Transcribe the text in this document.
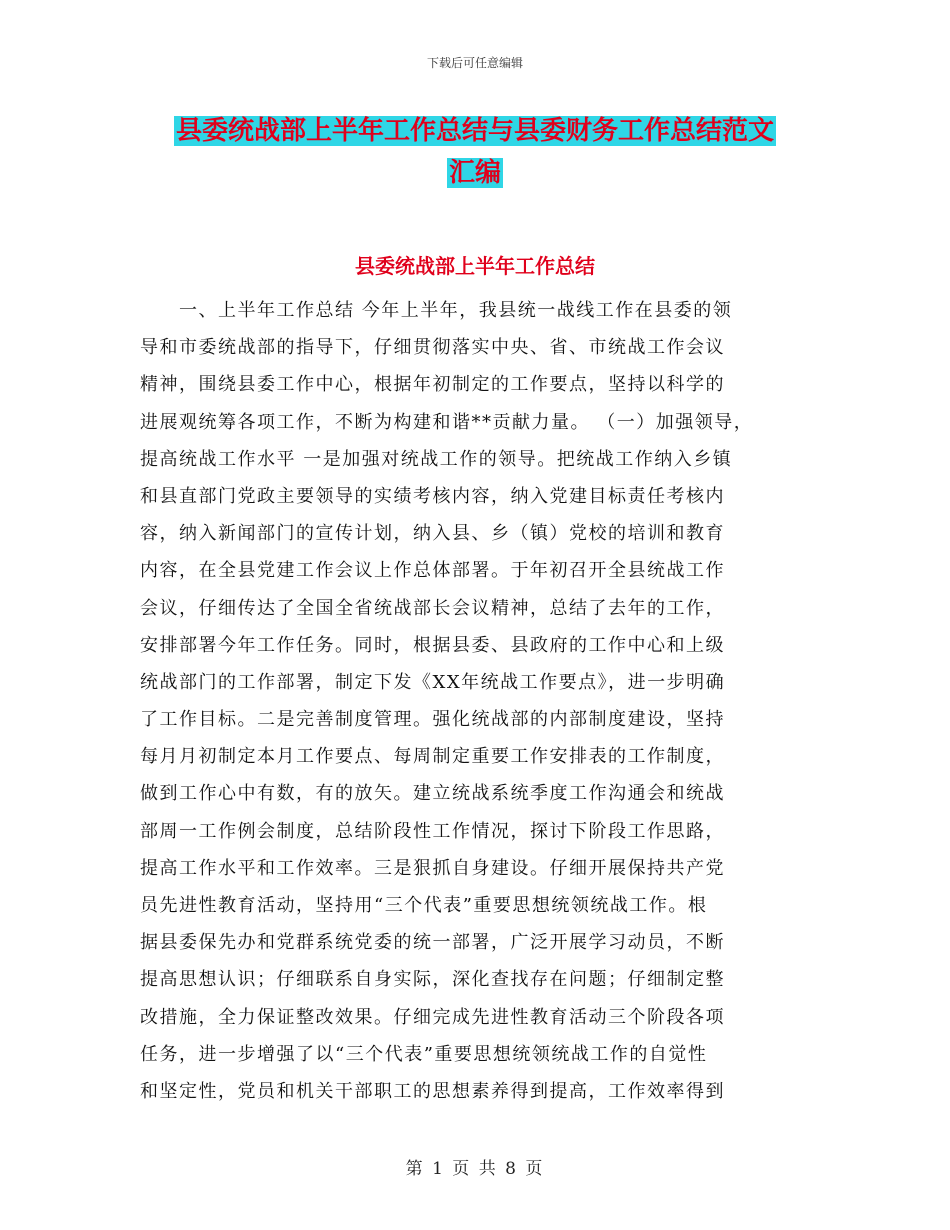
下载后可任意编辑
县委统战部上半年工作总结与县委财务工作总结范文
汇编
县委统战部上半年工作总结
　　一、上半年工作总结 今年上半年，我县统一战线工作在县委的领
导和市委统战部的指导下，仔细贯彻落实中央、省、市统战工作会议
精神，围绕县委工作中心，根据年初制定的工作要点，坚持以科学的
进展观统筹各项工作，不断为构建和谐**贡献力量。 （一）加强领导，
提高统战工作水平 一是加强对统战工作的领导。把统战工作纳入乡镇
和县直部门党政主要领导的实绩考核内容，纳入党建目标责任考核内
容，纳入新闻部门的宣传计划，纳入县、乡（镇）党校的培训和教育
内容，在全县党建工作会议上作总体部署。于年初召开全县统战工作
会议，仔细传达了全国全省统战部长会议精神，总结了去年的工作，
安排部署今年工作任务。同时，根据县委、县政府的工作中心和上级
统战部门的工作部署，制定下发《XX年统战工作要点》，进一步明确
了工作目标。二是完善制度管理。强化统战部的内部制度建设，坚持
每月月初制定本月工作要点、每周制定重要工作安排表的工作制度，
做到工作心中有数，有的放矢。建立统战系统季度工作沟通会和统战
部周一工作例会制度，总结阶段性工作情况，探讨下阶段工作思路，
提高工作水平和工作效率。三是狠抓自身建设。仔细开展保持共产党
员先进性教育活动，坚持用“三个代表”重要思想统领统战工作。根
据县委保先办和党群系统党委的统一部署，广泛开展学习动员，不断
提高思想认识；仔细联系自身实际，深化查找存在问题；仔细制定整
改措施，全力保证整改效果。仔细完成先进性教育活动三个阶段各项
任务，进一步增强了以“三个代表”重要思想统领统战工作的自觉性
和坚定性，党员和机关干部职工的思想素养得到提高，工作效率得到
第 1 页 共 8 页
